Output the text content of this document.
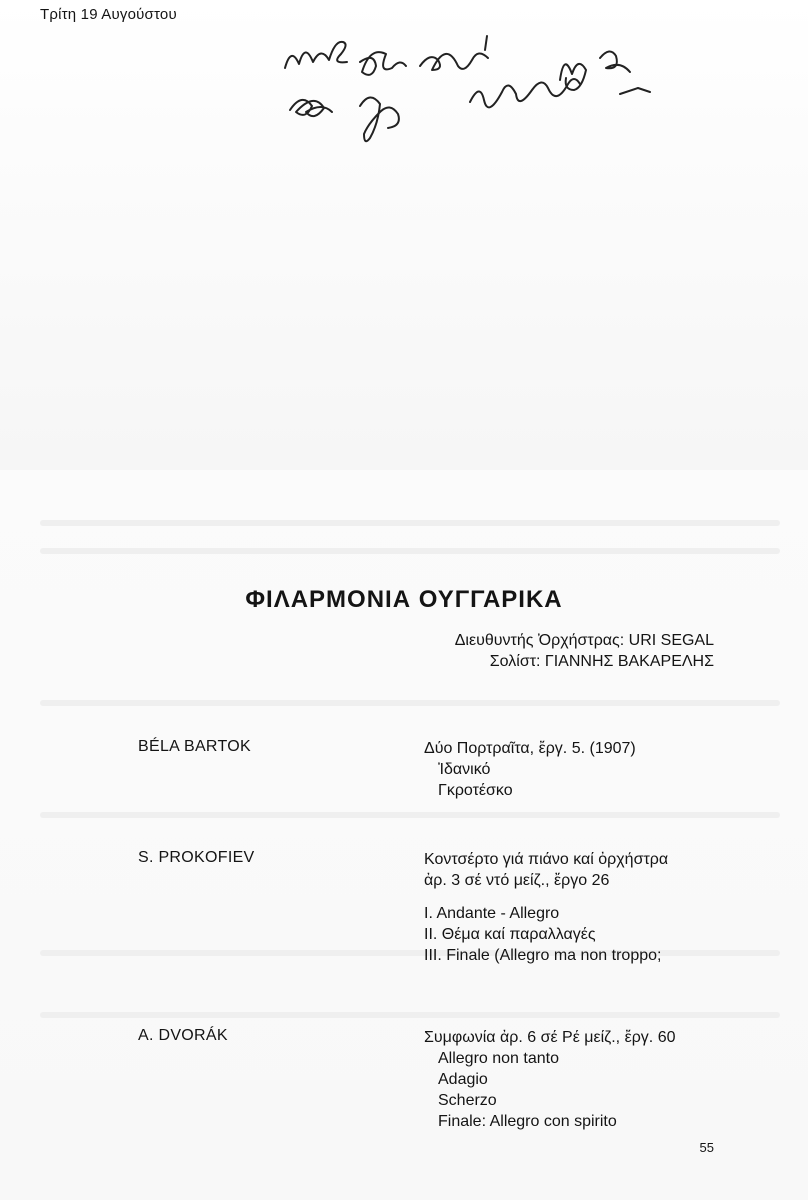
Τρίτη 19 Αυγούστου
ΦΙΛΑΡΜΟΝΙΑ ΟΥΓΓΑΡΙΚΑ
Διευθυντής Ὀρχήστρας: URI SEGAL
Σολίστ: ΓΙΑΝΝΗΣ ΒΑΚΑΡΕΛΗΣ
BÉLA BARTOK	Δύο Πορτραῖτα, ἔργ. 5. (1907)
Ἰδανικό
Γκροτέσκο
S. PROKOFIEV	Κοντσέρτο γιά πιάνο καί ὀρχήστρα
ἀρ. 3 σέ ντό μείζ., ἔργο 26
I. Andante - Allegro
II. Θέμα καί παραλλαγές
III. Finale (Allegro ma non troppo;
A. DVORÁK	Συμφωνία ἀρ. 6 σέ Ρέ μείζ., ἔργ. 60
Allegro non tanto
Adagio
Scherzo
Finale: Allegro con spirito
55
